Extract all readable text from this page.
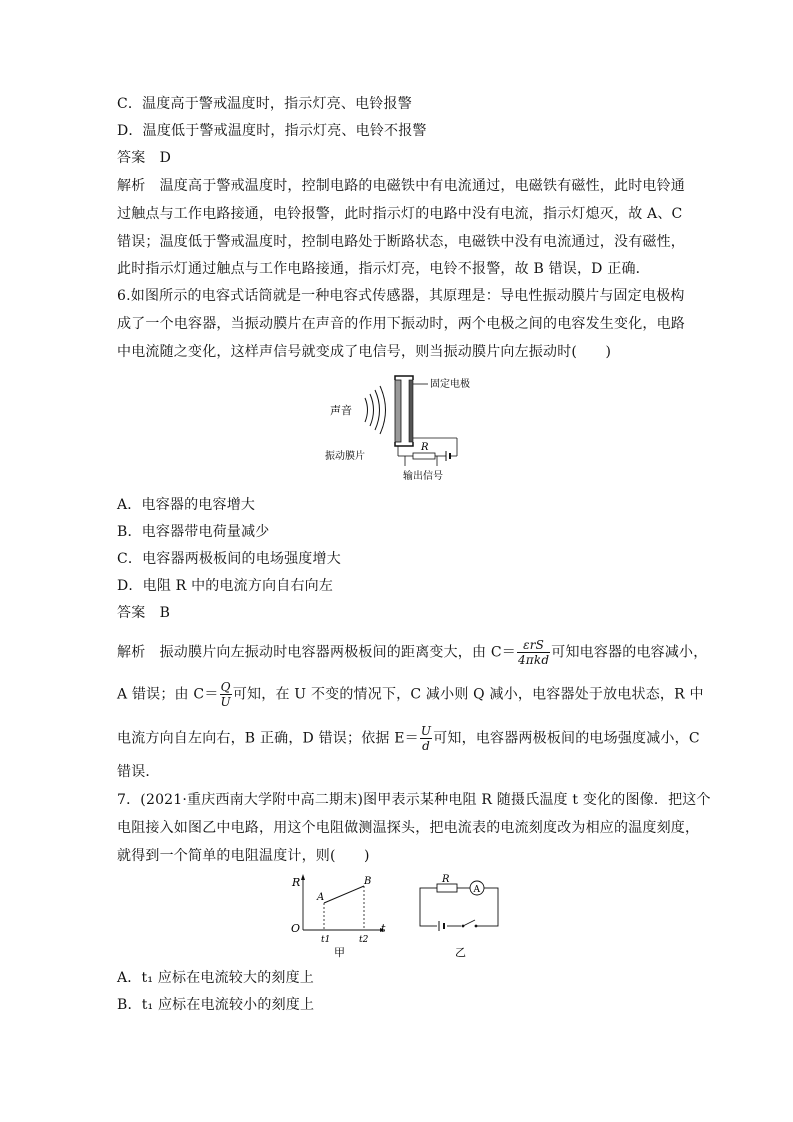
C．温度高于警戒温度时，指示灯亮、电铃报警
D．温度低于警戒温度时，指示灯亮、电铃不报警
答案　D
解析　温度高于警戒温度时，控制电路的电磁铁中有电流通过，电磁铁有磁性，此时电铃通
过触点与工作电路接通，电铃报警，此时指示灯的电路中没有电流，指示灯熄灭，故 A、C
错误；温度低于警戒温度时，控制电路处于断路状态，电磁铁中没有电流通过，没有磁性，
此时指示灯通过触点与工作电路接通，指示灯亮，电铃不报警，故 B 错误，D 正确．
6.如图所示的电容式话筒就是一种电容式传感器，其原理是：导电性振动膜片与固定电极构
成了一个电容器，当振动膜片在声音的作用下振动时，两个电极之间的电容发生变化，电路
中电流随之变化，这样声信号就变成了电信号，则当振动膜片向左振动时(　　)
声音
固定电极
R
振动膜片
输出信号
A．电容器的电容增大
B．电容器带电荷量减少
C．电容器两极板间的电场强度增大
D．电阻 R 中的电流方向自右向左
答案　B
解析　振动膜片向左振动时电容器两极板间的距离变大，由 $C= \frac{\text{εrS}}{\text{4πkd}}$ 可知电容器的电容减小，
A 错误；由 $C= \frac{Q}{U}$ 可知，在 U 不变的情况下，C 减小则 Q 减小，电容器处于放电状态，R 中
电流方向自左向右，B 正确，D 错误；依据 $E= \frac{U}{d}$ 可知，电容器两极板间的电场强度减小，C
错误．
7．(2021·重庆西南大学附中高二期末)图甲表示某种电阻 R 随摄氏温度 t 变化的图像．把这个
电阻接入如图乙中电路，用这个电阻做测温探头，把电流表的电流刻度改为相应的温度刻度，
就得到一个简单的电阻温度计，则(　　)
R
t
O
A
B
t1	t2
甲
R
A
乙
A．t₁ 应标在电流较大的刻度上
B．t₁ 应标在电流较小的刻度上
